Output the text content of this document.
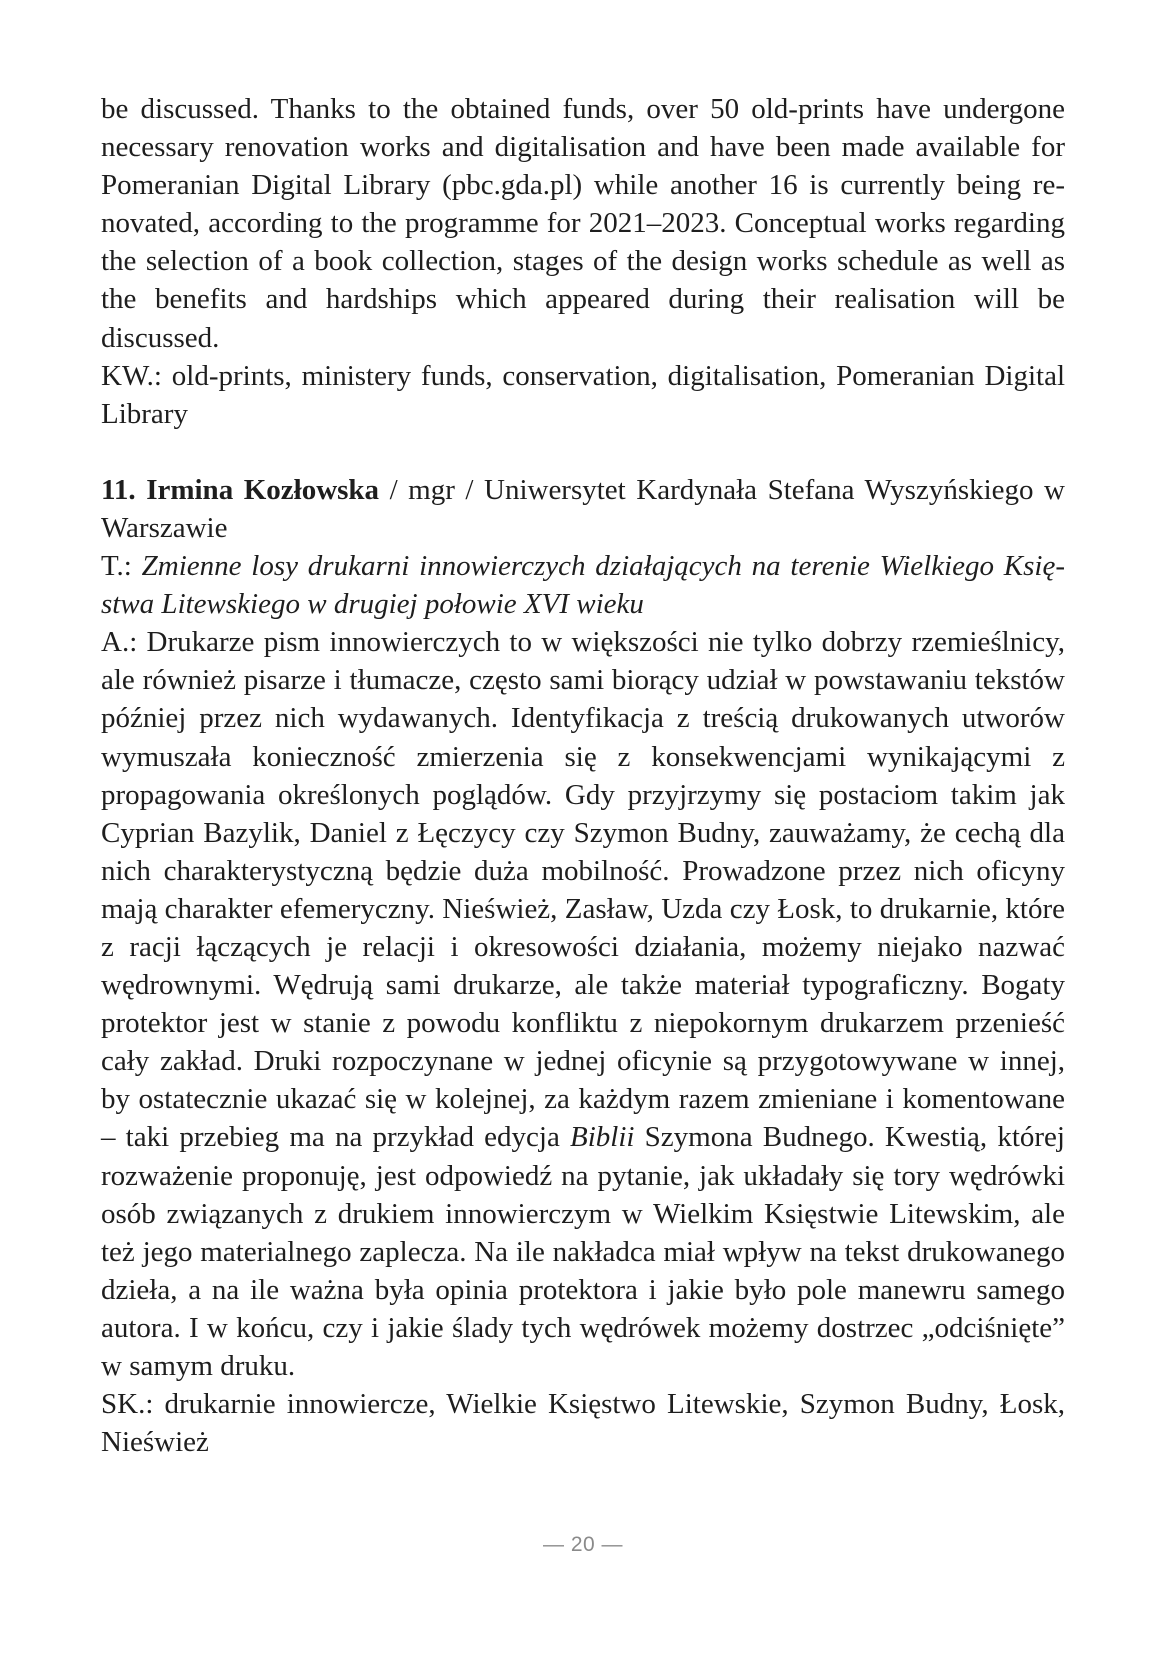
be discussed. Thanks to the obtained funds, over 50 old-prints have undergone necessary renovation works and digitalisation and have been made available for Pomeranian Digital Library (pbc.gda.pl) while another 16 is currently being renovated, according to the programme for 2021–2023. Conceptual works regarding the selection of a book collection, stages of the design works schedule as well as the benefits and hardships which appeared during their realisation will be discussed.

KW.: old-prints, ministery funds, conservation, digitalisation, Pomeranian Digital Library

11. Irmina Kozłowska / mgr / Uniwersytet Kardynała Stefana Wyszyńskiego w Warszawie

T.: Zmienne losy drukarni innowierczych działających na terenie Wielkiego Księstwa Litewskiego w drugiej połowie XVI wieku

A.: Drukarze pism innowierczych to w większości nie tylko dobrzy rzemieślnicy, ale również pisarze i tłumacze, często sami biorący udział w powstawaniu tekstów później przez nich wydawanych. Identyfikacja z treścią drukowanych utworów wymuszała konieczność zmierzenia się z konsekwencjami wynikającymi z propagowania określonych poglądów. Gdy przyjrzymy się postaciom takim jak Cyprian Bazylik, Daniel z Łęczycy czy Szymon Budny, zauważamy, że cechą dla nich charakterystyczną będzie duża mobilność. Prowadzone przez nich oficyny mają charakter efemeryczny. Nieśwież, Zasław, Uzda czy Łosk, to drukarnie, które z racji łączących je relacji i okresowości działania, możemy niejako nazwać wędrownymi. Wędrują sami drukarze, ale także materiał typograficzny. Bogaty protektor jest w stanie z powodu konfliktu z niepokornym drukarzem przenieść cały zakład. Druki rozpoczynane w jednej oficynie są przygotowywane w innej, by ostatecznie ukazać się w kolejnej, za każdym razem zmieniane i komentowane – taki przebieg ma na przykład edycja Biblii Szymona Budnego. Kwestią, której rozważenie proponuję, jest odpowiedź na pytanie, jak układały się tory wędrówki osób związanych z drukiem innowierczym w Wielkim Księstwie Litewskim, ale też jego materialnego zaplecza. Na ile nakładca miał wpływ na tekst drukowanego dzieła, a na ile ważna była opinia protektora i jakie było pole manewru samego autora. I w końcu, czy i jakie ślady tych wędrówek możemy dostrzec „odciśnięte” w samym druku.

SK.: drukarnie innowiercze, Wielkie Księstwo Litewskie, Szymon Budny, Łosk, Nieśwież

— 20 —
